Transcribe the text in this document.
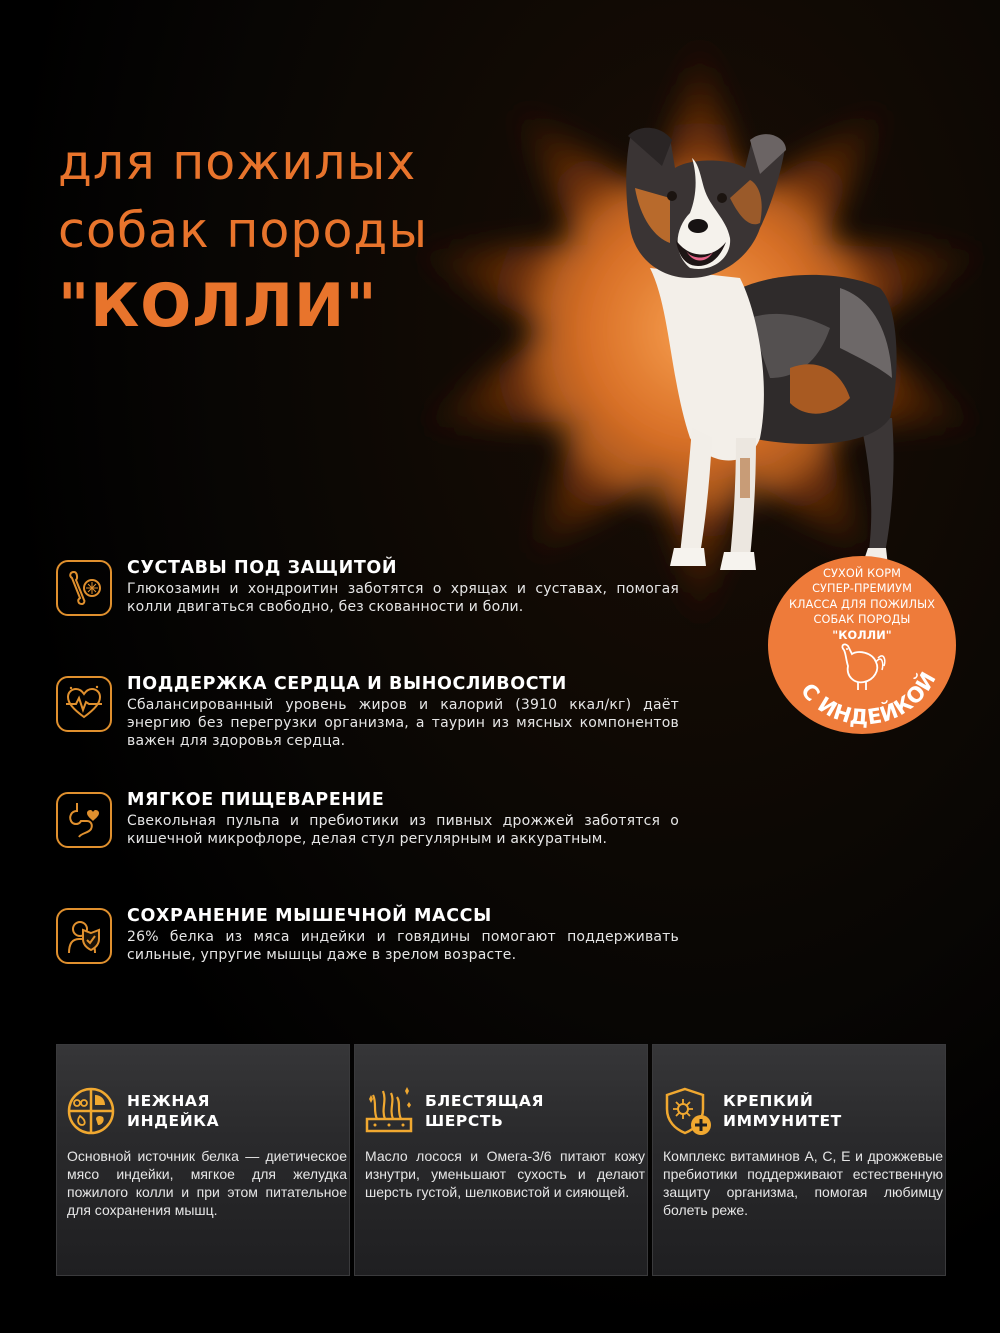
для пожилых
собак породы
"КОЛЛИ"
СУСТАВЫ ПОД ЗАЩИТОЙ
Глюкозамин и хондроитин заботятся о хрящах и суставах, помогая колли двигаться свободно, без скованности и боли.
ПОДДЕРЖКА СЕРДЦА И ВЫНОСЛИВОСТИ
Сбалансированный уровень жиров и калорий (3910 ккал/кг) даёт энергию без перегрузки организма, а таурин из мясных компонентов важен для здоровья сердца.
МЯГКОЕ ПИЩЕВАРЕНИЕ
Свекольная пульпа и пребиотики из пивных дрожжей заботятся о кишечной микрофлоре, делая стул регулярным и аккуратным.
СОХРАНЕНИЕ МЫШЕЧНОЙ МАССЫ
26% белка из мяса индейки и говядины помогают поддерживать сильные, упругие мышцы даже в зрелом возрасте.
СУХОЙ КОРМ
СУПЕР-ПРЕМИУМ
КЛАССА ДЛЯ ПОЖИЛЫХ
СОБАК ПОРОДЫ
"КОЛЛИ"
С ИНДЕЙКОЙ
НЕЖНАЯ
ИНДЕЙКА
Основной источник белка — диетическое мясо индейки, мягкое для желудка пожилого колли и при этом питательное для сохранения мышц.
БЛЕСТЯЩАЯ
ШЕРСТЬ
Масло лосося и Омега-3/6 питают кожу изнутри, уменьшают сухость и делают шерсть густой, шелковистой и сияющей.
КРЕПКИЙ
ИММУНИТЕТ
Комплекс витаминов A, C, E и дрожжевые пребиотики поддерживают естественную защиту организма, помогая любимцу болеть реже.
